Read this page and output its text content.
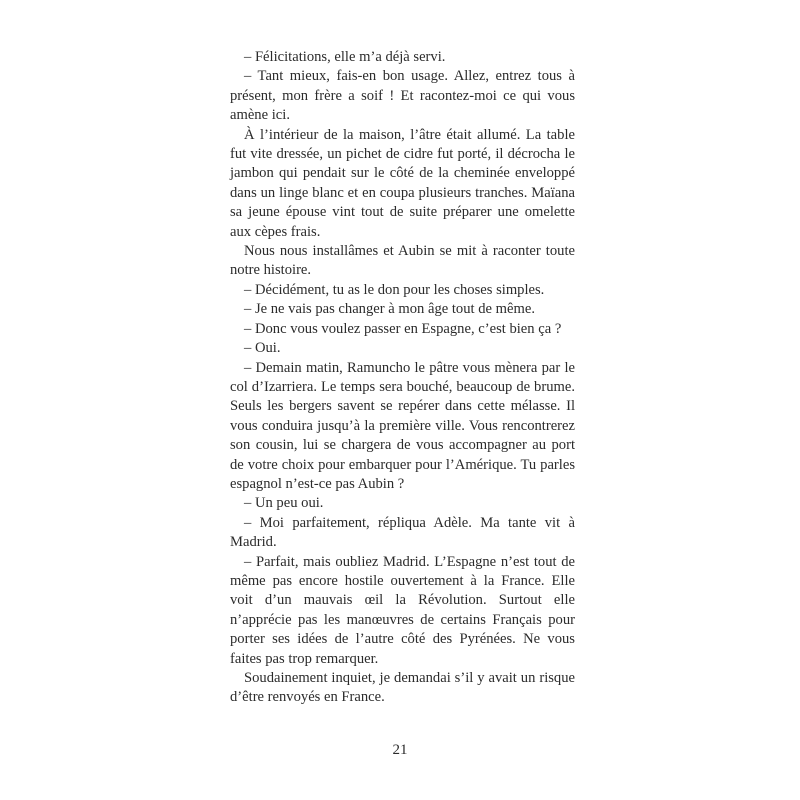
– Félicitations, elle m’a déjà servi.

– Tant mieux, fais-en bon usage. Allez, entrez tous à présent, mon frère a soif ! Et racontez-moi ce qui vous amène ici.

À l’intérieur de la maison, l’âtre était allumé. La table fut vite dressée, un pichet de cidre fut porté, il décrocha le jambon qui pendait sur le côté de la cheminée enveloppé dans un linge blanc et en coupa plusieurs tranches. Maïana sa jeune épouse vint tout de suite préparer une omelette aux cèpes frais.

Nous nous installâmes et Aubin se mit à raconter toute notre histoire.

– Décidément, tu as le don pour les choses simples.

– Je ne vais pas changer à mon âge tout de même.

– Donc vous voulez passer en Espagne, c’est bien ça ?

– Oui.

– Demain matin, Ramuncho le pâtre vous mènera par le col d’Izarriera. Le temps sera bouché, beaucoup de brume. Seuls les bergers savent se repérer dans cette mélasse. Il vous conduira jusqu’à la première ville. Vous rencontrerez son cousin, lui se chargera de vous accompagner au port de votre choix pour embarquer pour l’Amérique. Tu parles espagnol n’est-ce pas Aubin ?

– Un peu oui.

– Moi parfaitement, répliqua Adèle. Ma tante vit à Madrid.

– Parfait, mais oubliez Madrid. L’Espagne n’est tout de même pas encore hostile ouvertement à la France. Elle voit d’un mauvais œil la Révolution. Surtout elle n’apprécie pas les manœuvres de certains Français pour porter ses idées de l’autre côté des Pyrénées. Ne vous faites pas trop remarquer.

Soudainement inquiet, je demandai s’il y avait un risque d’être renvoyés en France.

21
